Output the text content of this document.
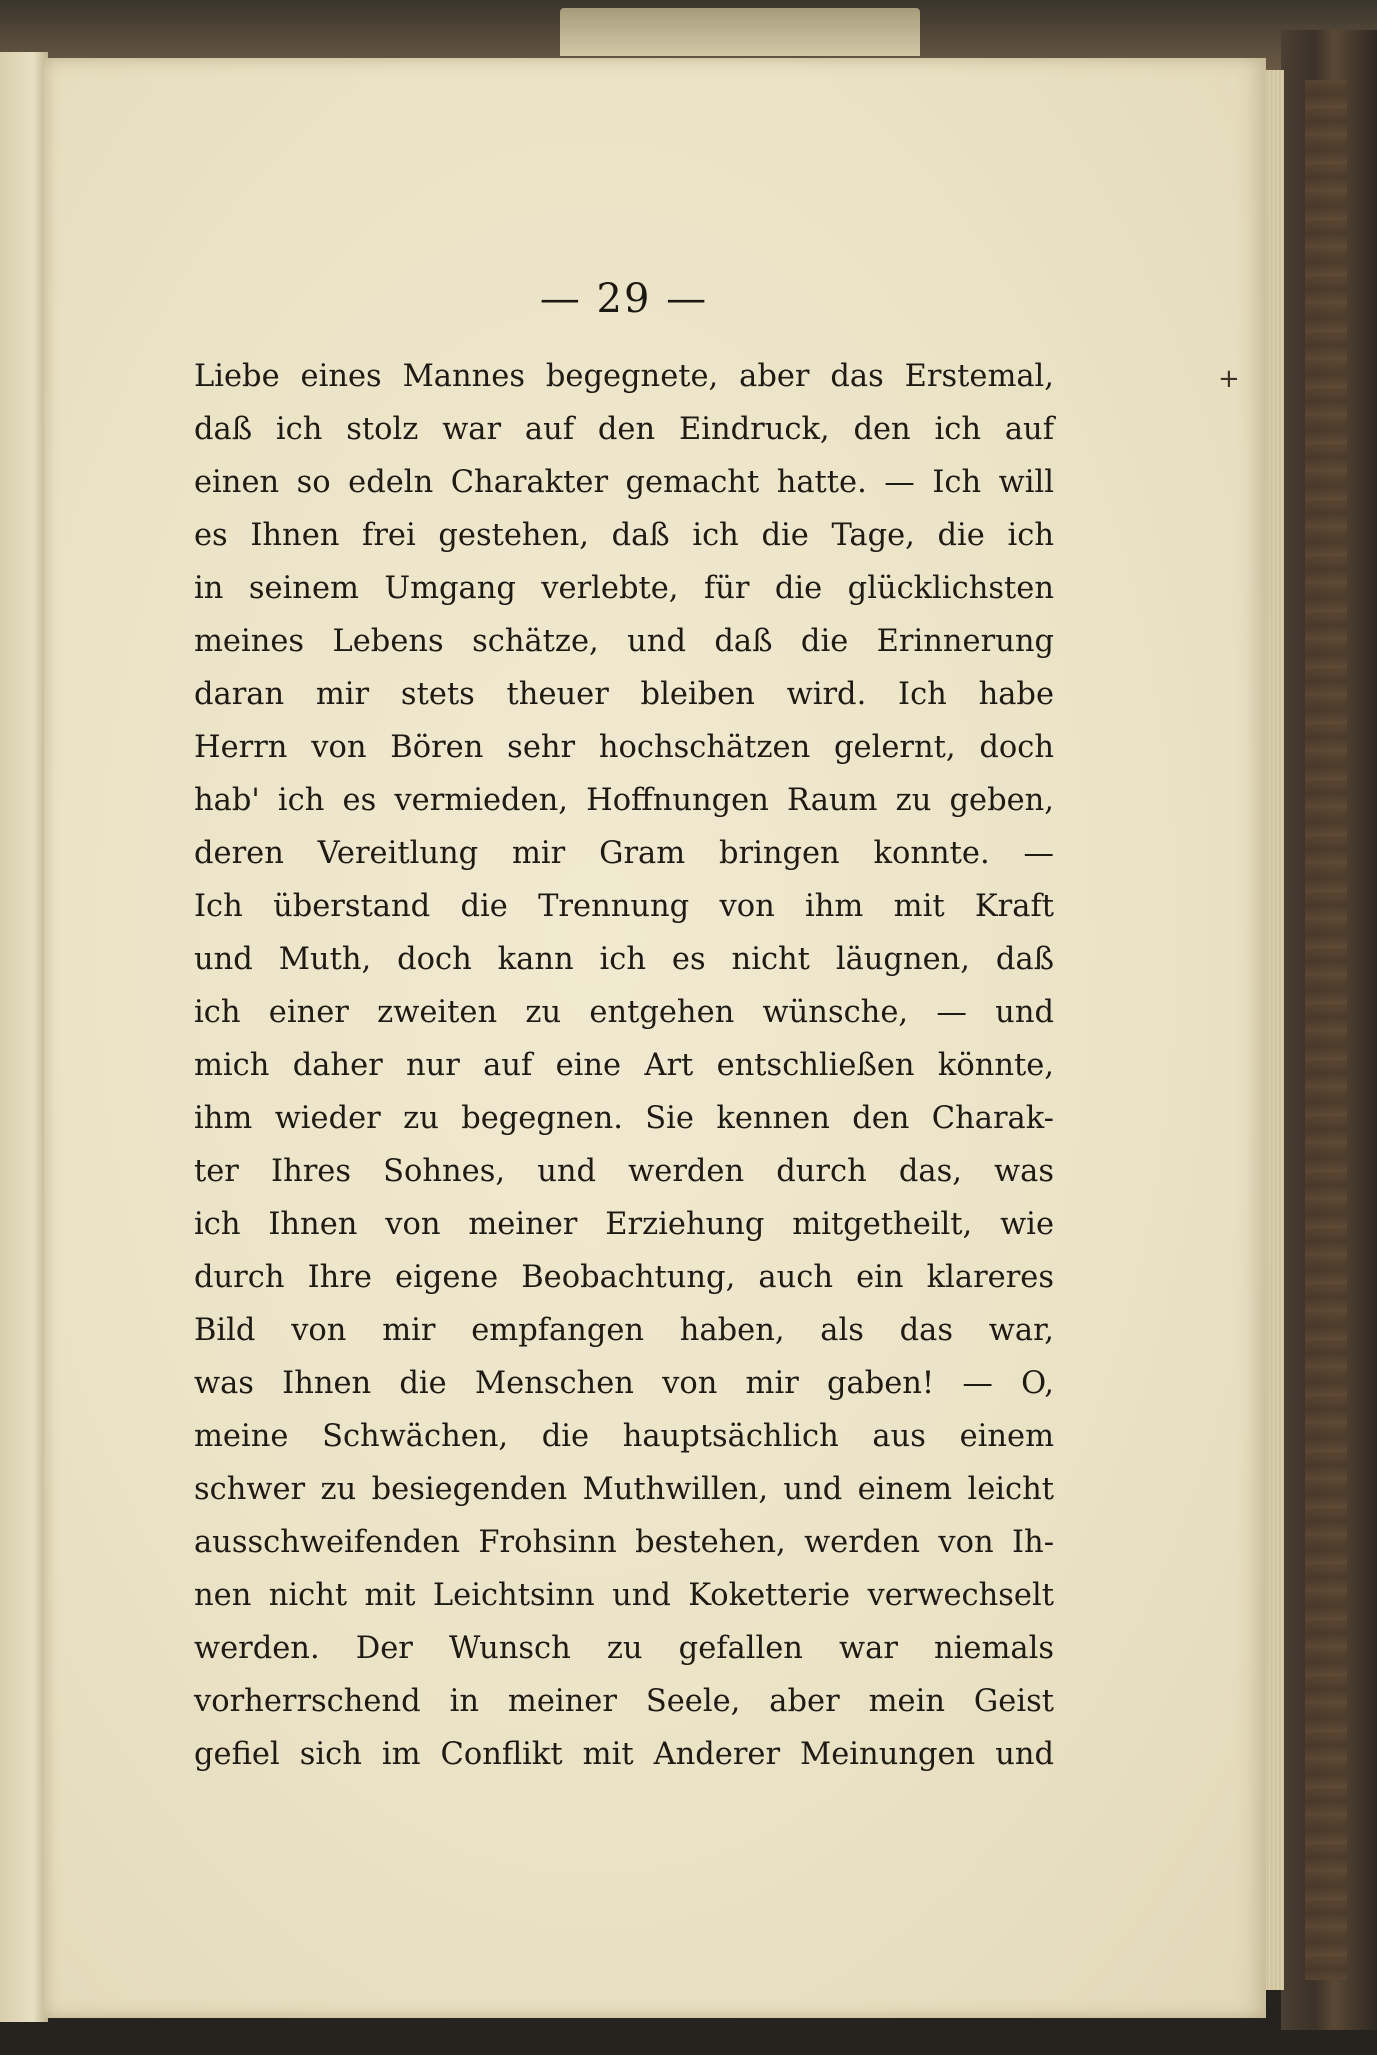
— 29 —
Liebe eines Mannes begegnete, aber das Erstemal,
daß ich stolz war auf den Eindruck, den ich auf
einen so edeln Charakter gemacht hatte. — Ich will
es Ihnen frei gestehen, daß ich die Tage, die ich
in seinem Umgang verlebte, für die glücklichsten
meines Lebens schätze, und daß die Erinnerung
daran mir stets theuer bleiben wird. Ich habe
Herrn von Bören sehr hochschätzen gelernt, doch
hab' ich es vermieden, Hoffnungen Raum zu geben,
deren Vereitlung mir Gram bringen konnte. —
Ich überstand die Trennung von ihm mit Kraft
und Muth, doch kann ich es nicht läugnen, daß
ich einer zweiten zu entgehen wünsche, — und
mich daher nur auf eine Art entschließen könnte,
ihm wieder zu begegnen. Sie kennen den Charak-
ter Ihres Sohnes, und werden durch das, was
ich Ihnen von meiner Erziehung mitgetheilt, wie
durch Ihre eigene Beobachtung, auch ein klareres
Bild von mir empfangen haben, als das war,
was Ihnen die Menschen von mir gaben! — O,
meine Schwächen, die hauptsächlich aus einem
schwer zu besiegenden Muthwillen, und einem leicht
ausschweifenden Frohsinn bestehen, werden von Ih-
nen nicht mit Leichtsinn und Koketterie verwechselt
werden. Der Wunsch zu gefallen war niemals
vorherrschend in meiner Seele, aber mein Geist
gefiel sich im Conflikt mit Anderer Meinungen und
+
